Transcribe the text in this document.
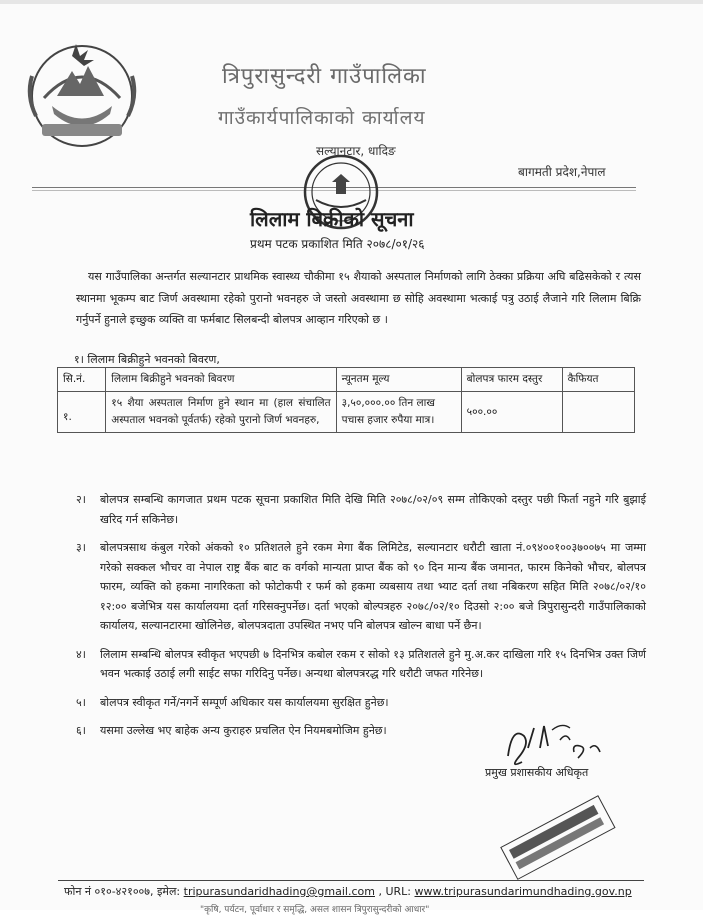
त्रिपुरासुन्दरी गाउँपालिका
गाउँकार्यपालिकाको कार्यालय
सल्यानटार, धादिङ
बागमती प्रदेश,नेपाल
लिलाम बिक्रीको सूचना
प्रथम पटक प्रकाशित मिति २०७८/०१/२६
यस गाउँपालिका अन्तर्गत सल्यानटार प्राथमिक स्वास्थ्य चौकीमा १५ शैयाको अस्पताल निर्माणको लागि ठेक्का प्रक्रिया अघि बढिसकेको र त्यस स्थानमा भूकम्प बाट जिर्ण अवस्थामा रहेको पुरानो भवनहरु जे जस्तो अवस्थामा छ सोहि अवस्थामा भत्काई पत्रु उठाई लैजाने गरि लिलाम बिक्रि गर्नुपर्ने हुनाले इच्छुक व्यक्ति वा फर्मबाट सिलबन्दी बोलपत्र आव्हान गरिएको छ ।
१। लिलाम बिक्रीहुने भवनको बिवरण,
सि.नं.	लिलाम बिक्रीहुने भवनको बिवरण	न्यूनतम मूल्य	बोलपत्र फारम दस्तुर	कैफियत
१.	१५ शैया अस्पताल निर्माण हुने स्थान मा (हाल संचालित अस्पताल भवनको पूर्वतर्फ) रहेको पुरानो जिर्ण भवनहरु,	३,५०,०००.०० तिन लाख पचास हजार रुपैया मात्र।	५००.००	
२। बोलपत्र सम्बन्धि कागजात प्रथम पटक सूचना प्रकाशित मिति देखि मिति २०७८/०२/०९ सम्म तोकिएको दस्तुर पछी फिर्ता नहुने गरि बुझाई खरिद गर्न सकिनेछ।
३। बोलपत्रसाथ कंबुल गरेको अंकको १० प्रतिशतले हुने रकम मेगा बैंक लिमिटेड, सल्यानटार धरौटी खाता नं.०९४००१००३७००७५ मा जम्मा गरेको सक्कल भौचर वा नेपाल राष्ट्र बैंक बाट क वर्गको मान्यता प्राप्त बैंक को ९० दिन मान्य बैंक जमानत, फारम किनेको भौचर, बोलपत्र फारम, व्यक्ति को हकमा नागरिकता को फोटोकपी र फर्म को हकमा व्यबसाय तथा भ्याट दर्ता तथा नबिकरण सहित मिति २०७८/०२/१० १२:०० बजेभित्र यस कार्यालयमा दर्ता गरिसक्नुपर्नेछ। दर्ता भएको बोल्पत्रहरु २०७८/०२/१० दिउसो २:०० बजे त्रिपुरासुन्दरी गाउँपालिकाको कार्यालय, सल्यानटारमा खोलिनेछ, बोलपत्रदाता उपस्थित नभए पनि बोलपत्र खोल्न बाधा पर्ने छैन।
४। लिलाम सम्बन्धि बोलपत्र स्वीकृत भएपछी ७ दिनभित्र कबोल रकम र सोको १३ प्रतिशतले हुने मु.अ.कर दाखिला गरि १५ दिनभित्र उक्त जिर्ण भवन भत्काई उठाई लगी साईट सफा गरिदिनु पर्नेछ। अन्यथा बोलपत्ररद्ध गरि धरौटी जफत गरिनेछ।
५। बोलपत्र स्वीकृत गर्ने/नगर्ने सम्पूर्ण अधिकार यस कार्यालयमा सुरक्षित हुनेछ।
६। यसमा उल्लेख भए बाहेक अन्य कुराहरु प्रचलित ऐन नियमबमोजिम हुनेछ।
प्रमुख प्रशासकीय अधिकृत
फोन नं ०१०-४२१००७, इमेल: tripurasundaridhading@gmail.com , URL: www.tripurasundarimundhading.gov.np
"कृषि, पर्यटन, पूर्वाधार र समृद्धि, असल शासन त्रिपुरासुन्दरीको आधार"
